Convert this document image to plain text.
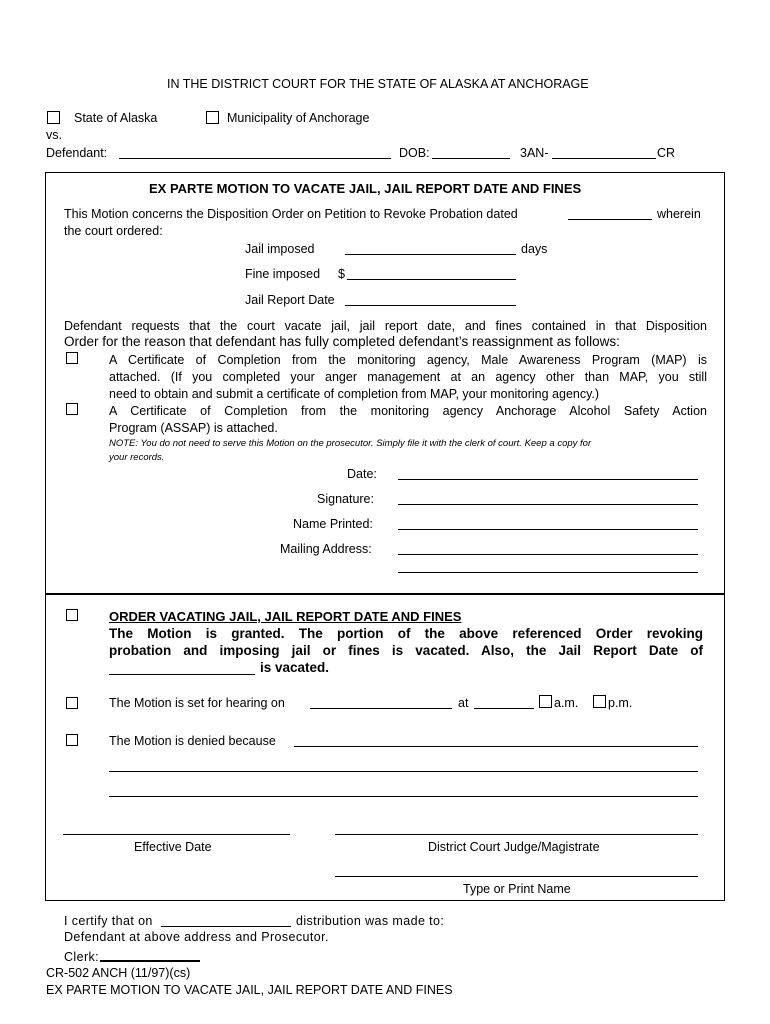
IN THE DISTRICT COURT FOR THE STATE OF ALASKA AT ANCHORAGE
State of Alaska	Municipality of Anchorage
vs.
Defendant:	DOB:	3AN-	CR
EX PARTE MOTION TO VACATE JAIL, JAIL REPORT DATE AND FINES
This Motion concerns the Disposition Order on Petition to Revoke Probation dated	wherein
the court ordered:
Jail imposed	days
Fine imposed $
Jail Report Date
Defendant requests that the court vacate jail, jail report date, and fines contained in that Disposition
Order for the reason that defendant has fully completed defendant’s reassignment as follows:
A Certificate of Completion from the monitoring agency, Male Awareness Program (MAP) is
attached. (If you completed your anger management at an agency other than MAP, you still
need to obtain and submit a certificate of completion from MAP, your monitoring agency.)
A Certificate of Completion from the monitoring agency Anchorage Alcohol Safety Action
Program (ASSAP) is attached.
NOTE: You do not need to serve this Motion on the prosecutor. Simply file it with the clerk of court. Keep a copy for
your records.
Date:
Signature:
Name Printed:
Mailing Address:
ORDER VACATING JAIL, JAIL REPORT DATE AND FINES
The Motion is granted. The portion of the above referenced Order revoking
probation and imposing jail or fines is vacated. Also, the Jail Report Date of
is vacated.
The Motion is set for hearing on	at	a.m. p.m.
The Motion is denied because
Effective Date	District Court Judge/Magistrate
Type or Print Name
I certify that on	distribution was made to:
Defendant at above address and Prosecutor.
Clerk:
CR-502 ANCH (11/97)(cs)
EX PARTE MOTION TO VACATE JAIL, JAIL REPORT DATE AND FINES
